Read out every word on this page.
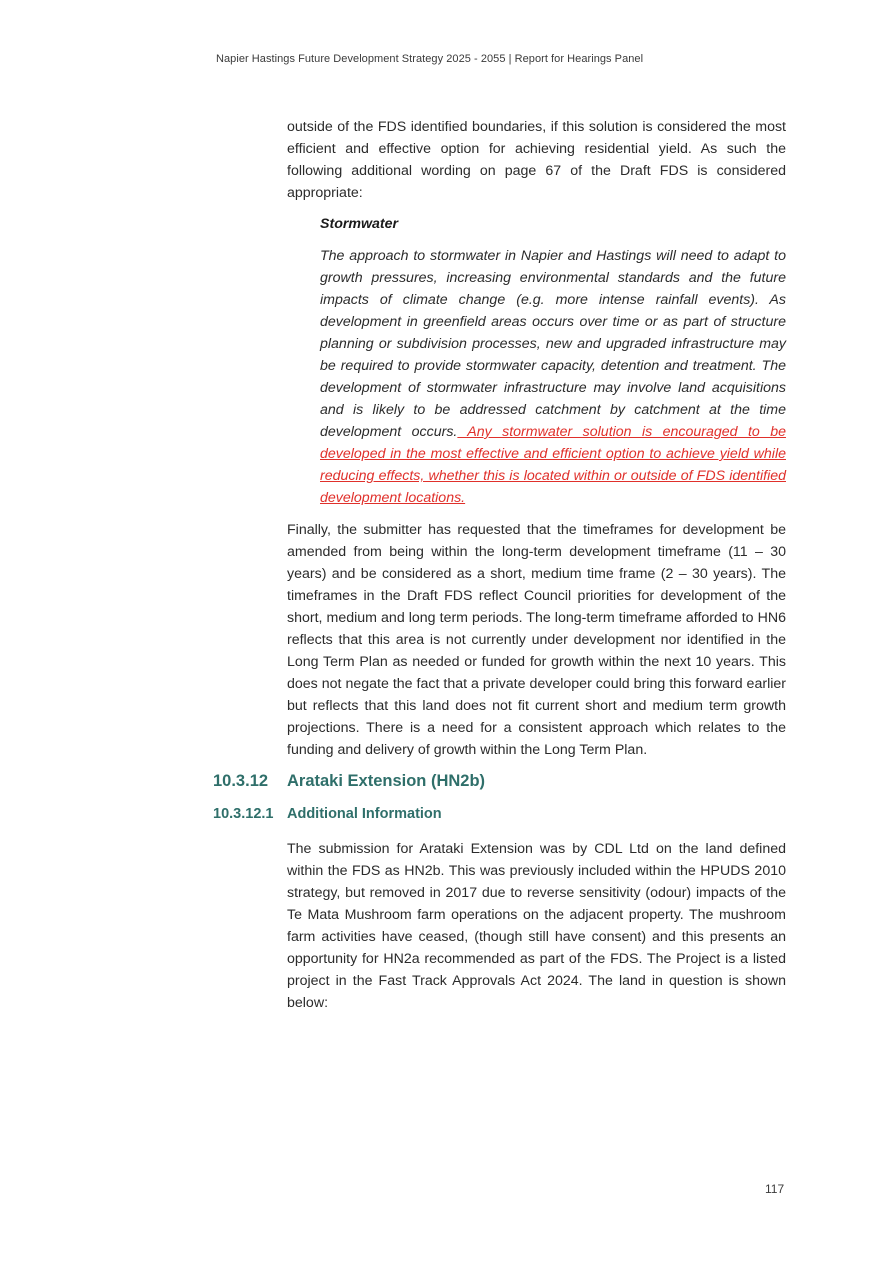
Napier Hastings Future Development Strategy 2025 - 2055 | Report for Hearings Panel

outside of the FDS identified boundaries, if this solution is considered the most efficient and effective option for achieving residential yield. As such the following additional wording on page 67 of the Draft FDS is considered appropriate:

Stormwater

The approach to stormwater in Napier and Hastings will need to adapt to growth pressures, increasing environmental standards and the future impacts of climate change (e.g. more intense rainfall events). As development in greenfield areas occurs over time or as part of structure planning or subdivision processes, new and upgraded infrastructure may be required to provide stormwater capacity, detention and treatment. The development of stormwater infrastructure may involve land acquisitions and is likely to be addressed catchment by catchment at the time development occurs. Any stormwater solution is encouraged to be developed in the most effective and efficient option to achieve yield while reducing effects, whether this is located within or outside of FDS identified development locations.

Finally, the submitter has requested that the timeframes for development be amended from being within the long-term development timeframe (11 – 30 years) and be considered as a short, medium time frame (2 – 30 years). The timeframes in the Draft FDS reflect Council priorities for development of the short, medium and long term periods. The long-term timeframe afforded to HN6 reflects that this area is not currently under development nor identified in the Long Term Plan as needed or funded for growth within the next 10 years. This does not negate the fact that a private developer could bring this forward earlier but reflects that this land does not fit current short and medium term growth projections. There is a need for a consistent approach which relates to the funding and delivery of growth within the Long Term Plan.

10.3.12 Arataki Extension (HN2b)
10.3.12.1 Additional Information

The submission for Arataki Extension was by CDL Ltd on the land defined within the FDS as HN2b. This was previously included within the HPUDS 2010 strategy, but removed in 2017 due to reverse sensitivity (odour) impacts of the Te Mata Mushroom farm operations on the adjacent property. The mushroom farm activities have ceased, (though still have consent) and this presents an opportunity for HN2a recommended as part of the FDS. The Project is a listed project in the Fast Track Approvals Act 2024. The land in question is shown below:

117
